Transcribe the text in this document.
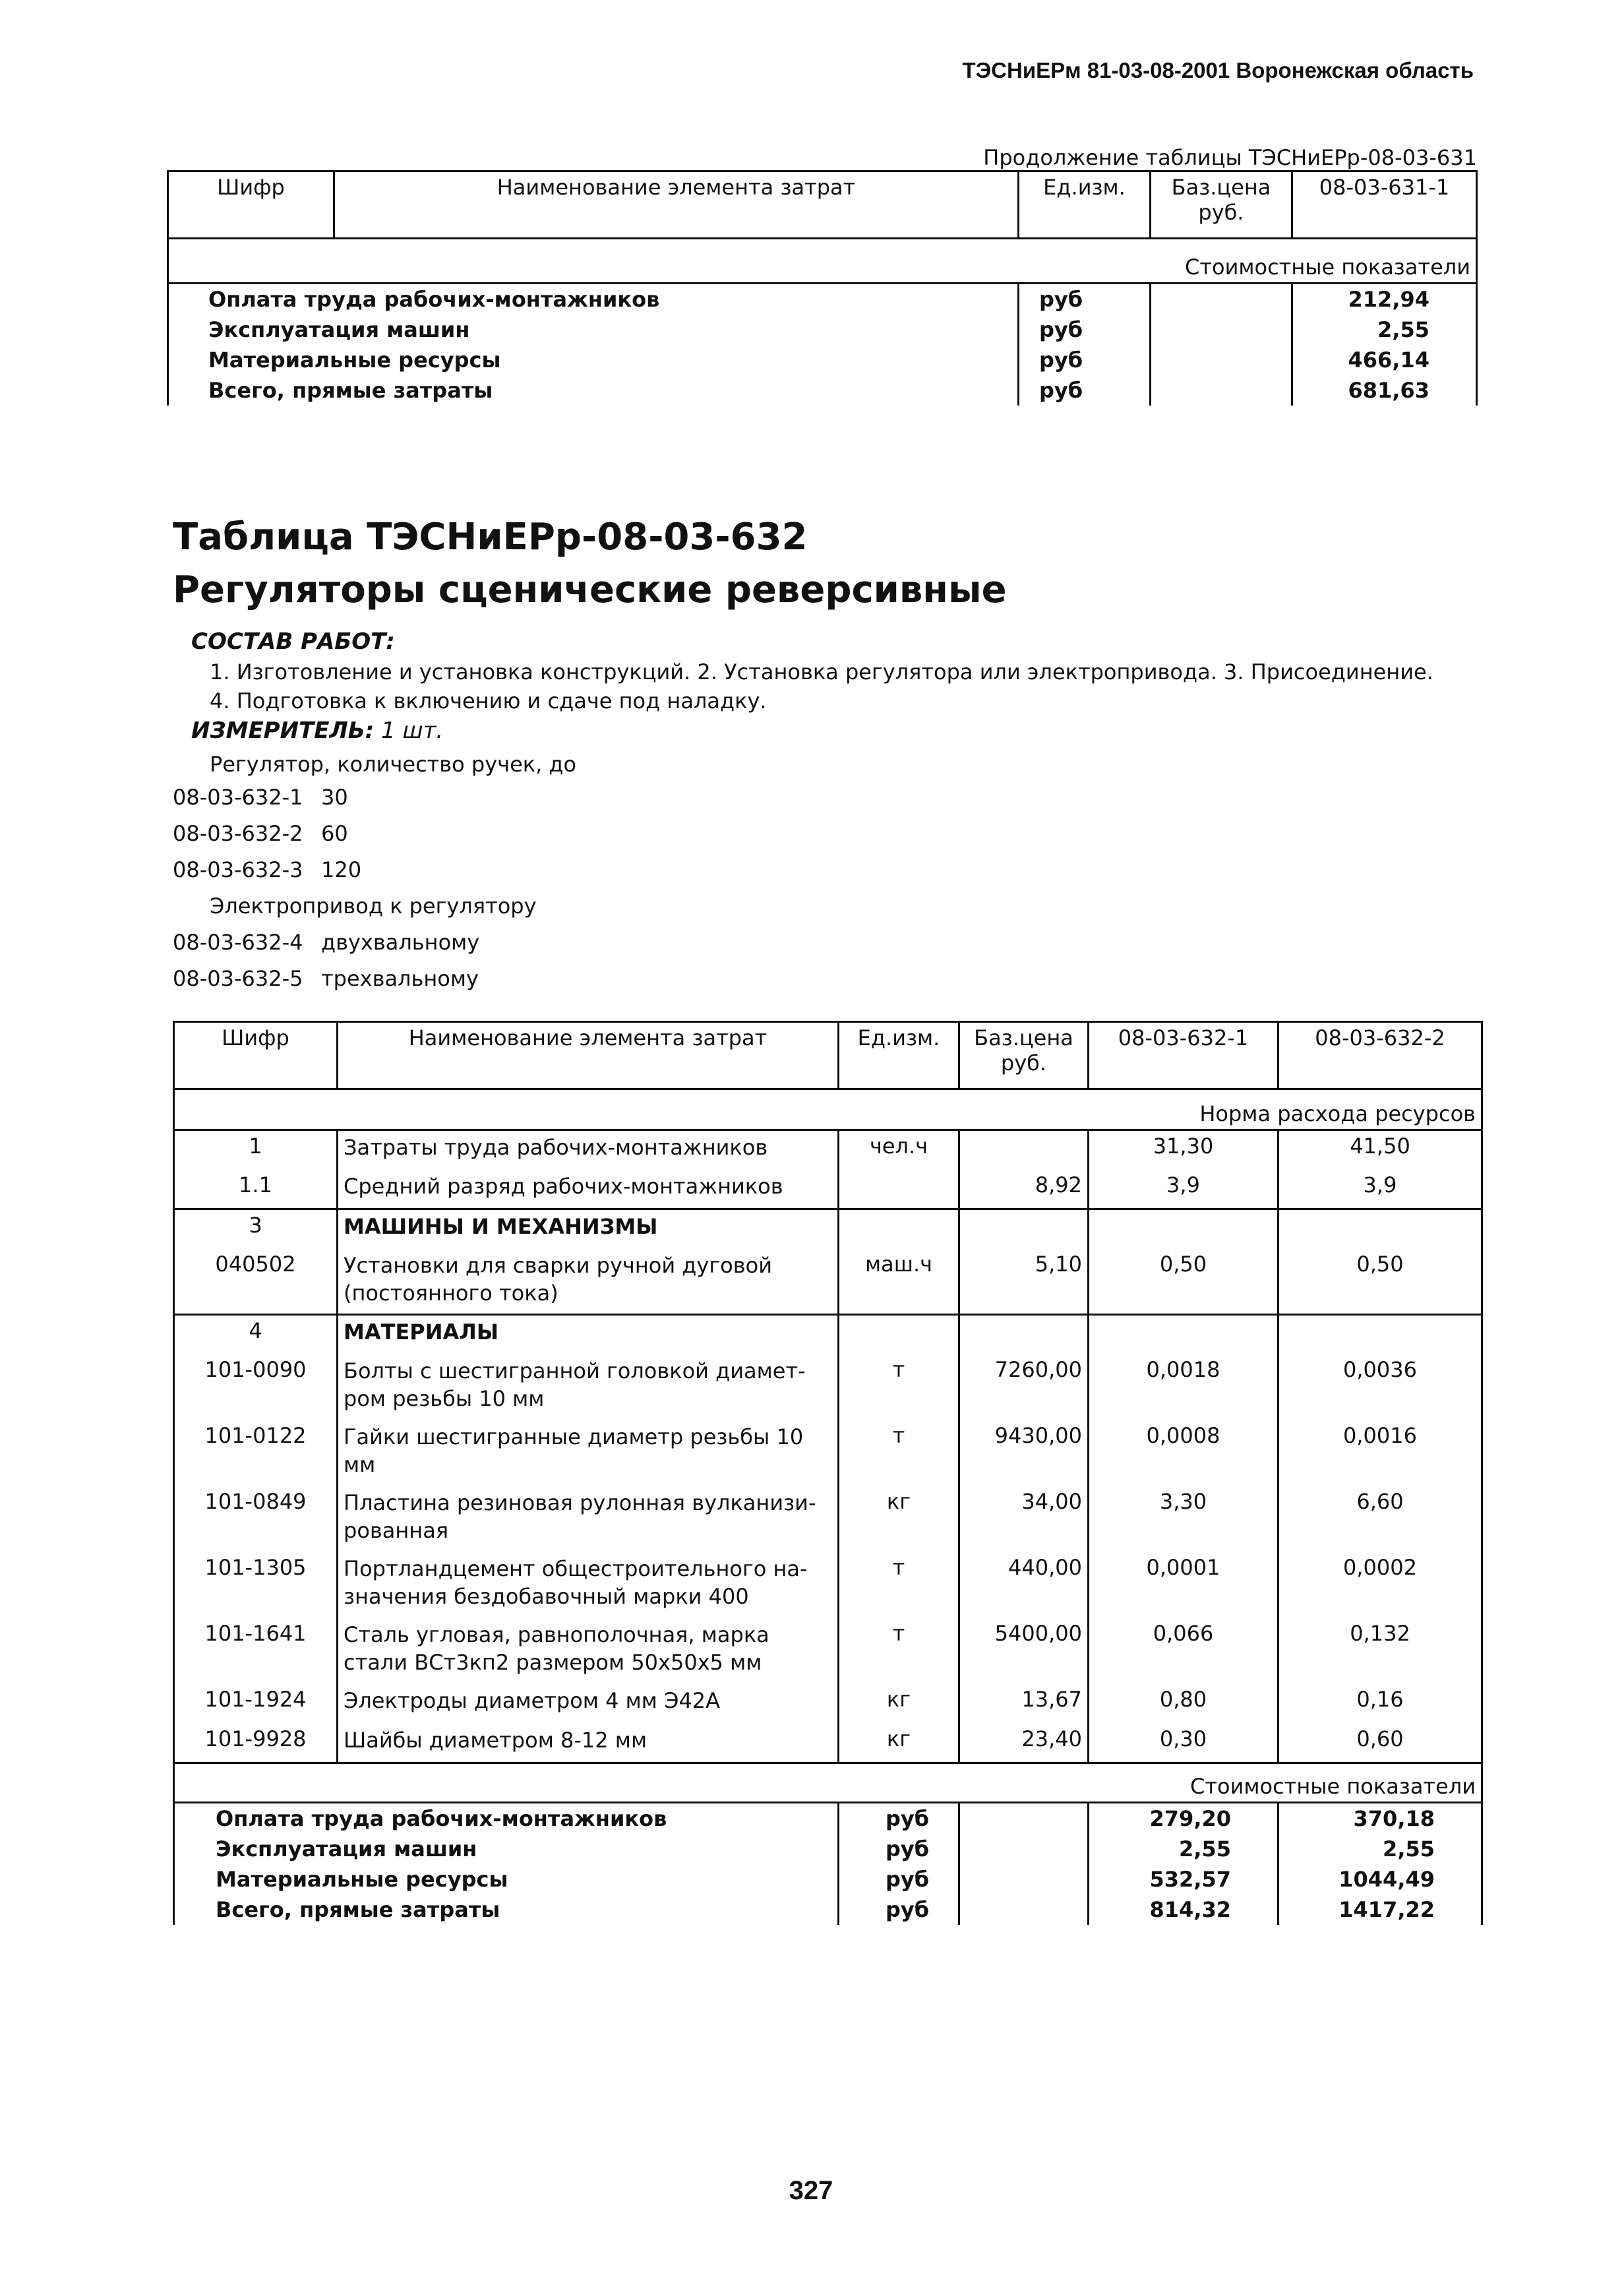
ТЭСНиЕРм 81-03-08-2001 Воронежская область
Продолжение таблицы ТЭСНиЕРр-08-03-631
Шифр	Наименование элемента затрат	Ед.изм.	Баз.цена руб.	08-03-631-1
Стоимостные показатели				
Оплата труда рабочих-монтажников		руб		212,94
Эксплуатация машин		руб		2,55
Материальные ресурсы		руб		466,14
Всего, прямые затраты		руб		681,63
Таблица ТЭСНиЕРр-08-03-632
Регуляторы сценические реверсивные
СОСТАВ РАБОТ:
1. Изготовление и установка конструкций. 2. Установка регулятора или электропривода. 3. Присоединение.
4. Подготовка к включению и сдаче под наладку.
ИЗМЕРИТЕЛЬ: 1 шт.
Регулятор, количество ручек, до
08-03-632-1 30
08-03-632-2 60
08-03-632-3 120
Электропривод к регулятору
08-03-632-4 двухвальному
08-03-632-5 трехвальному
Шифр	Наименование элемента затрат	Ед.изм.	Баз.цена руб.	08-03-632-1	08-03-632-2
Норма расхода ресурсов					
1	Затраты труда рабочих-монтажников	чел.ч		31,30	41,50
1.1	Средний разряд рабочих-монтажников		8,92	3,9	3,9
3	МАШИНЫ И МЕХАНИЗМЫ				
040502	Установки для сварки ручной дуговой (постоянного тока)	маш.ч	5,10	0,50	0,50
4	МАТЕРИАЛЫ				
101-0090	Болты с шестигранной головкой диамет-ром резьбы 10 мм	т	7260,00	0,0018	0,0036
101-0122	Гайки шестигранные диаметр резьбы 10 мм	т	9430,00	0,0008	0,0016
101-0849	Пластина резиновая рулонная вулканизи-рованная	кг	34,00	3,30	6,60
101-1305	Портландцемент общестроительного на-значения бездобавочный марки 400	т	440,00	0,0001	0,0002
101-1641	Сталь угловая, равнополочная, марка стали ВСт3кп2 размером 50х50х5 мм	т	5400,00	0,066	0,132
101-1924	Электроды диаметром 4 мм Э42А	кг	13,67	0,80	0,16
101-9928	Шайбы диаметром 8-12 мм	кг	23,40	0,30	0,60
Стоимостные показатели					
Оплата труда рабочих-монтажников		руб		279,20	370,18
Эксплуатация машин		руб		2,55	2,55
Материальные ресурсы		руб		532,57	1044,49
Всего, прямые затраты		руб		814,32	1417,22
327
